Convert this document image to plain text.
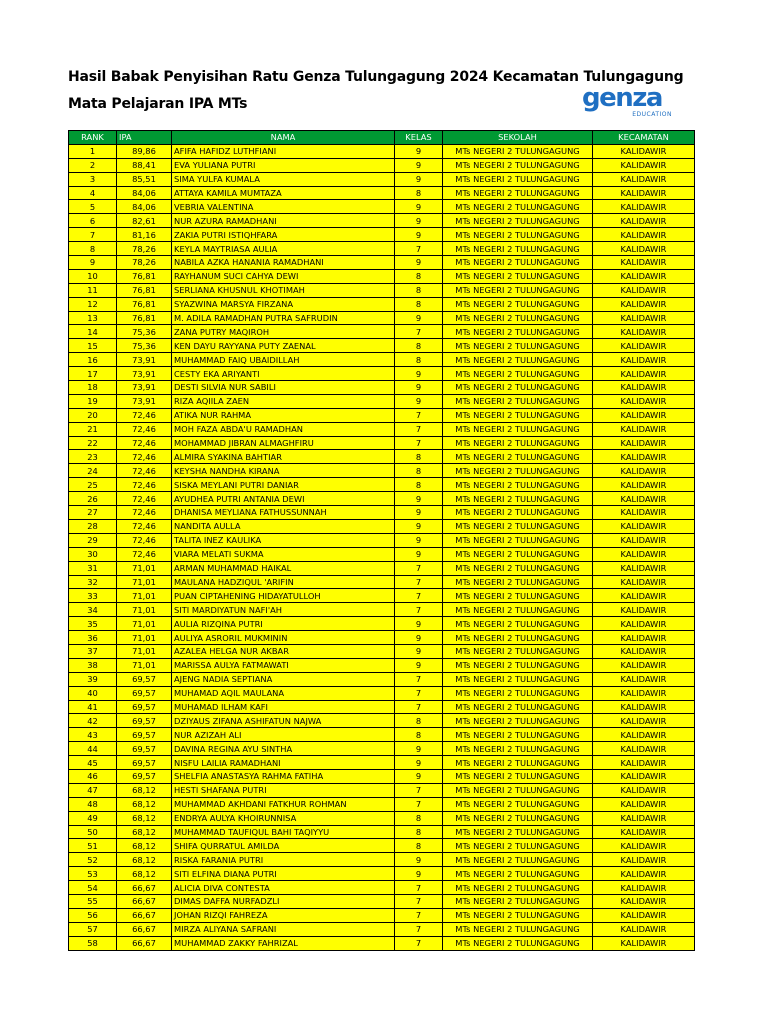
Hasil Babak Penyisihan Ratu Genza Tulungagung 2024 Kecamatan Tulungagung
Mata Pelajaran IPA MTs	genza
EDUCATION
RANK	IPA	NAMA	KELAS	SEKOLAH	KECAMATAN
1	89,86	AFIFA HAFIDZ LUTHFIANI	9	MTs NEGERI 2 TULUNGAGUNG	KALIDAWIR
2	88,41	EVA YULIANA PUTRI	9	MTs NEGERI 2 TULUNGAGUNG	KALIDAWIR
3	85,51	SIMA YULFA KUMALA	9	MTs NEGERI 2 TULUNGAGUNG	KALIDAWIR
4	84,06	ATTAYA KAMILA MUMTAZA	8	MTs NEGERI 2 TULUNGAGUNG	KALIDAWIR
5	84,06	VEBRIA VALENTINA	9	MTs NEGERI 2 TULUNGAGUNG	KALIDAWIR
6	82,61	NUR AZURA RAMADHANI	9	MTs NEGERI 2 TULUNGAGUNG	KALIDAWIR
7	81,16	ZAKIA PUTRI ISTIQHFARA	9	MTs NEGERI 2 TULUNGAGUNG	KALIDAWIR
8	78,26	KEYLA MAYTRIASA AULIA	7	MTs NEGERI 2 TULUNGAGUNG	KALIDAWIR
9	78,26	NABILA AZKA HANANIA RAMADHANI	9	MTs NEGERI 2 TULUNGAGUNG	KALIDAWIR
10	76,81	RAYHANUM SUCI CAHYA DEWI	8	MTs NEGERI 2 TULUNGAGUNG	KALIDAWIR
11	76,81	SERLIANA KHUSNUL KHOTIMAH	8	MTs NEGERI 2 TULUNGAGUNG	KALIDAWIR
12	76,81	SYAZWINA MARSYA FIRZANA	8	MTs NEGERI 2 TULUNGAGUNG	KALIDAWIR
13	76,81	M. ADILA RAMADHAN PUTRA SAFRUDIN	9	MTs NEGERI 2 TULUNGAGUNG	KALIDAWIR
14	75,36	ZANA PUTRY MAQIROH	7	MTs NEGERI 2 TULUNGAGUNG	KALIDAWIR
15	75,36	KEN DAYU RAYYANA PUTY ZAENAL	8	MTs NEGERI 2 TULUNGAGUNG	KALIDAWIR
16	73,91	MUHAMMAD FAIQ UBAIDILLAH	8	MTs NEGERI 2 TULUNGAGUNG	KALIDAWIR
17	73,91	CESTY EKA ARIYANTI	9	MTs NEGERI 2 TULUNGAGUNG	KALIDAWIR
18	73,91	DESTI SILVIA NUR SABILI	9	MTs NEGERI 2 TULUNGAGUNG	KALIDAWIR
19	73,91	RIZA AQIILA ZAEN	9	MTs NEGERI 2 TULUNGAGUNG	KALIDAWIR
20	72,46	ATIKA NUR RAHMA	7	MTs NEGERI 2 TULUNGAGUNG	KALIDAWIR
21	72,46	MOH FAZA ABDA'U RAMADHAN	7	MTs NEGERI 2 TULUNGAGUNG	KALIDAWIR
22	72,46	MOHAMMAD JIBRAN ALMAGHFIRU	7	MTs NEGERI 2 TULUNGAGUNG	KALIDAWIR
23	72,46	ALMIRA SYAKINA BAHTIAR	8	MTs NEGERI 2 TULUNGAGUNG	KALIDAWIR
24	72,46	KEYSHA NANDHA KIRANA	8	MTs NEGERI 2 TULUNGAGUNG	KALIDAWIR
25	72,46	SISKA MEYLANI PUTRI DANIAR	8	MTs NEGERI 2 TULUNGAGUNG	KALIDAWIR
26	72,46	AYUDHEA PUTRI ANTANIA DEWI	9	MTs NEGERI 2 TULUNGAGUNG	KALIDAWIR
27	72,46	DHANISA MEYLIANA FATHUSSUNNAH	9	MTs NEGERI 2 TULUNGAGUNG	KALIDAWIR
28	72,46	NANDITA AULLA	9	MTs NEGERI 2 TULUNGAGUNG	KALIDAWIR
29	72,46	TALITA INEZ KAULIKA	9	MTs NEGERI 2 TULUNGAGUNG	KALIDAWIR
30	72,46	VIARA MELATI SUKMA	9	MTs NEGERI 2 TULUNGAGUNG	KALIDAWIR
31	71,01	ARMAN MUHAMMAD HAIKAL	7	MTs NEGERI 2 TULUNGAGUNG	KALIDAWIR
32	71,01	MAULANA HADZIQUL 'ARIFIN	7	MTs NEGERI 2 TULUNGAGUNG	KALIDAWIR
33	71,01	PUAN CIPTAHENING HIDAYATULLOH	7	MTs NEGERI 2 TULUNGAGUNG	KALIDAWIR
34	71,01	SITI MARDIYATUN NAFI'AH	7	MTs NEGERI 2 TULUNGAGUNG	KALIDAWIR
35	71,01	AULIA RIZQINA PUTRI	9	MTs NEGERI 2 TULUNGAGUNG	KALIDAWIR
36	71,01	AULIYA ASRORIL MUKMININ	9	MTs NEGERI 2 TULUNGAGUNG	KALIDAWIR
37	71,01	AZALEA HELGA NUR AKBAR	9	MTs NEGERI 2 TULUNGAGUNG	KALIDAWIR
38	71,01	MARISSA AULYA FATMAWATI	9	MTs NEGERI 2 TULUNGAGUNG	KALIDAWIR
39	69,57	AJENG NADIA SEPTIANA	7	MTs NEGERI 2 TULUNGAGUNG	KALIDAWIR
40	69,57	MUHAMAD AQIL MAULANA	7	MTs NEGERI 2 TULUNGAGUNG	KALIDAWIR
41	69,57	MUHAMAD ILHAM KAFI	7	MTs NEGERI 2 TULUNGAGUNG	KALIDAWIR
42	69,57	DZIYAUS ZIFANA ASHIFATUN NAJWA	8	MTs NEGERI 2 TULUNGAGUNG	KALIDAWIR
43	69,57	NUR AZIZAH ALI	8	MTs NEGERI 2 TULUNGAGUNG	KALIDAWIR
44	69,57	DAVINA REGINA AYU SINTHA	9	MTs NEGERI 2 TULUNGAGUNG	KALIDAWIR
45	69,57	NISFU LAILIA RAMADHANI	9	MTs NEGERI 2 TULUNGAGUNG	KALIDAWIR
46	69,57	SHELFIA ANASTASYA RAHMA FATIHA	9	MTs NEGERI 2 TULUNGAGUNG	KALIDAWIR
47	68,12	HESTI SHAFANA PUTRI	7	MTs NEGERI 2 TULUNGAGUNG	KALIDAWIR
48	68,12	MUHAMMAD AKHDANI FATKHUR ROHMAN	7	MTs NEGERI 2 TULUNGAGUNG	KALIDAWIR
49	68,12	ENDRYA AULYA KHOIRUNNISA	8	MTs NEGERI 2 TULUNGAGUNG	KALIDAWIR
50	68,12	MUHAMMAD TAUFIQUL BAHI TAQIYYU	8	MTs NEGERI 2 TULUNGAGUNG	KALIDAWIR
51	68,12	SHIFA QURRATUL AMILDA	8	MTs NEGERI 2 TULUNGAGUNG	KALIDAWIR
52	68,12	RISKA FARANIA PUTRI	9	MTs NEGERI 2 TULUNGAGUNG	KALIDAWIR
53	68,12	SITI ELFINA DIANA PUTRI	9	MTs NEGERI 2 TULUNGAGUNG	KALIDAWIR
54	66,67	ALICIA DIVA CONTESTA	7	MTs NEGERI 2 TULUNGAGUNG	KALIDAWIR
55	66,67	DIMAS DAFFA NURFADZLI	7	MTs NEGERI 2 TULUNGAGUNG	KALIDAWIR
56	66,67	JOHAN RIZQI FAHREZA	7	MTs NEGERI 2 TULUNGAGUNG	KALIDAWIR
57	66,67	MIRZA ALIYANA SAFRANI	7	MTs NEGERI 2 TULUNGAGUNG	KALIDAWIR
58	66,67	MUHAMMAD ZAKKY FAHRIZAL	7	MTs NEGERI 2 TULUNGAGUNG	KALIDAWIR
